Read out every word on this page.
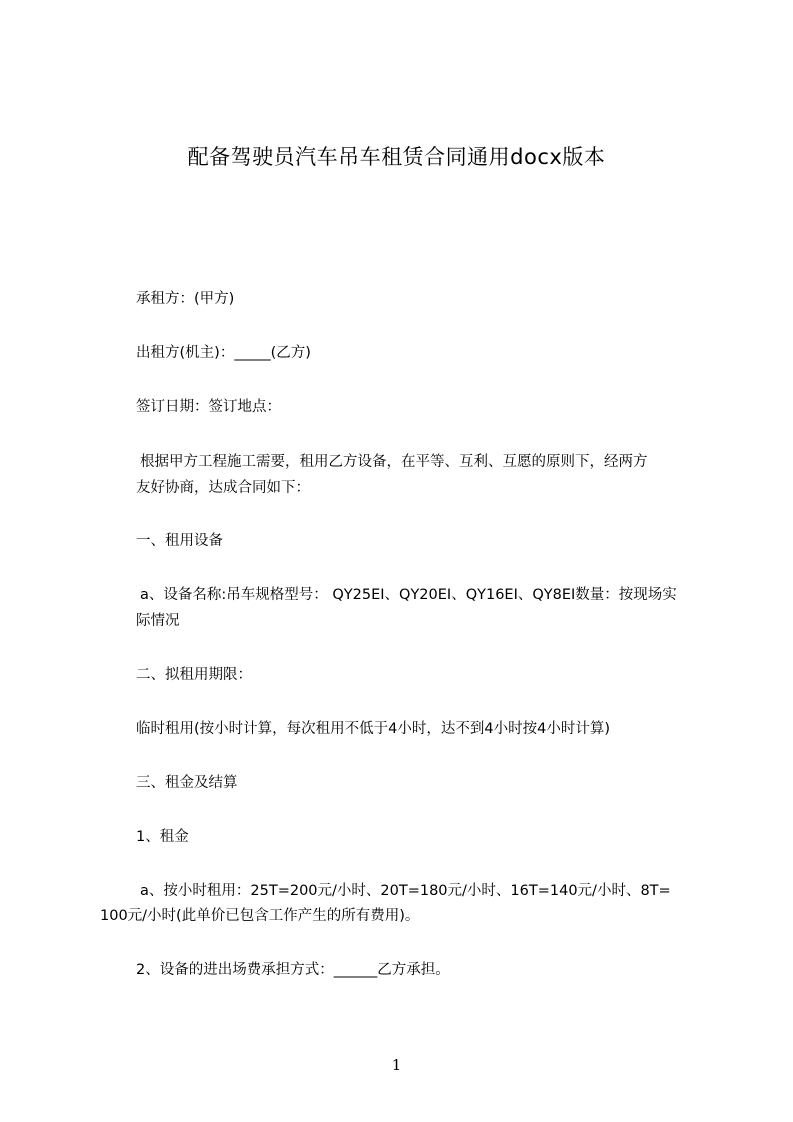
配备驾驶员汽车吊车租赁合同通用docx版本
承租方：(甲方)
出租方(机主)：_____(乙方)
签订日期：签订地点：
根据甲方工程施工需要，租用乙方设备，在平等、互利、互愿的原则下，经两方
友好协商，达成合同如下：
一、租用设备
a、设备名称:吊车规格型号： QY25EI、QY20EI、QY16EI、QY8EI数量：按现场实
际情况
二、拟租用期限：
临时租用(按小时计算，每次租用不低于4小时，达不到4小时按4小时计算)
三、租金及结算
1、租金
a、按小时租用：25T=200元/小时、20T=180元/小时、16T=140元/小时、8T=
100元/小时(此单价已包含工作产生的所有费用)。
2、设备的进出场费承担方式：______乙方承担。
1
